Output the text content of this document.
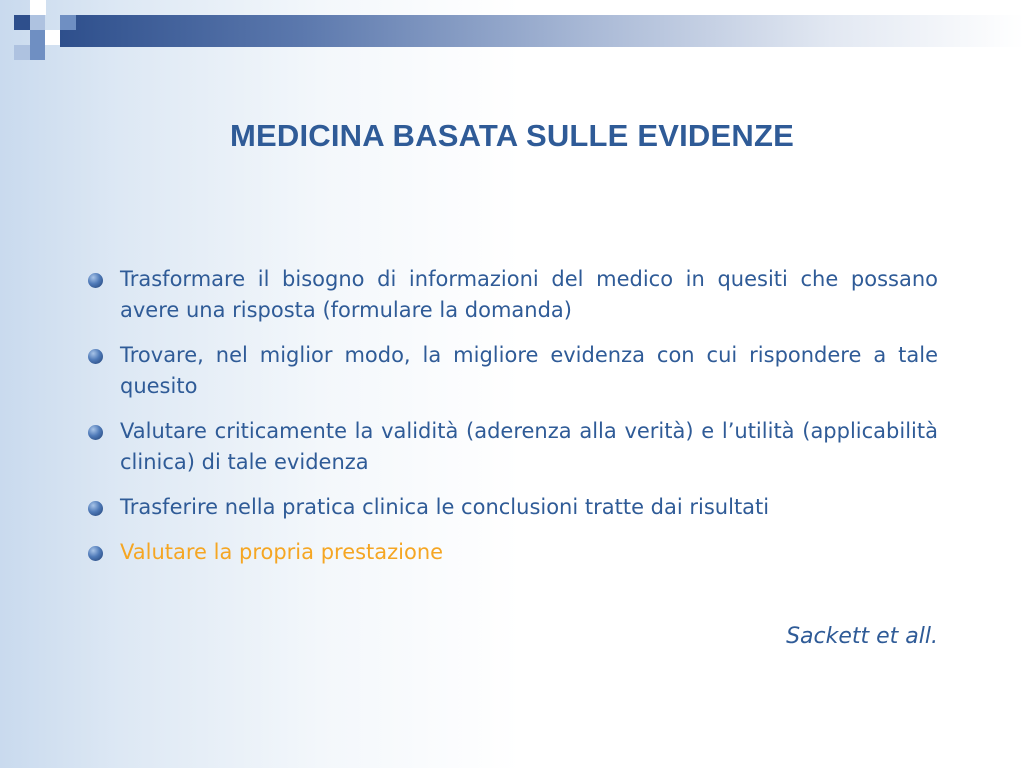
MEDICINA BASATA SULLE EVIDENZE
Trasformare il bisogno di informazioni del medico in quesiti che possano avere una risposta (formulare la domanda)
Trovare, nel miglior modo, la migliore evidenza con cui rispondere a tale quesito
Valutare criticamente la validità (aderenza alla verità) e l’utilità (applicabilità clinica) di tale evidenza
Trasferire nella pratica clinica le conclusioni tratte dai risultati
Valutare la propria prestazione
Sackett et all.
